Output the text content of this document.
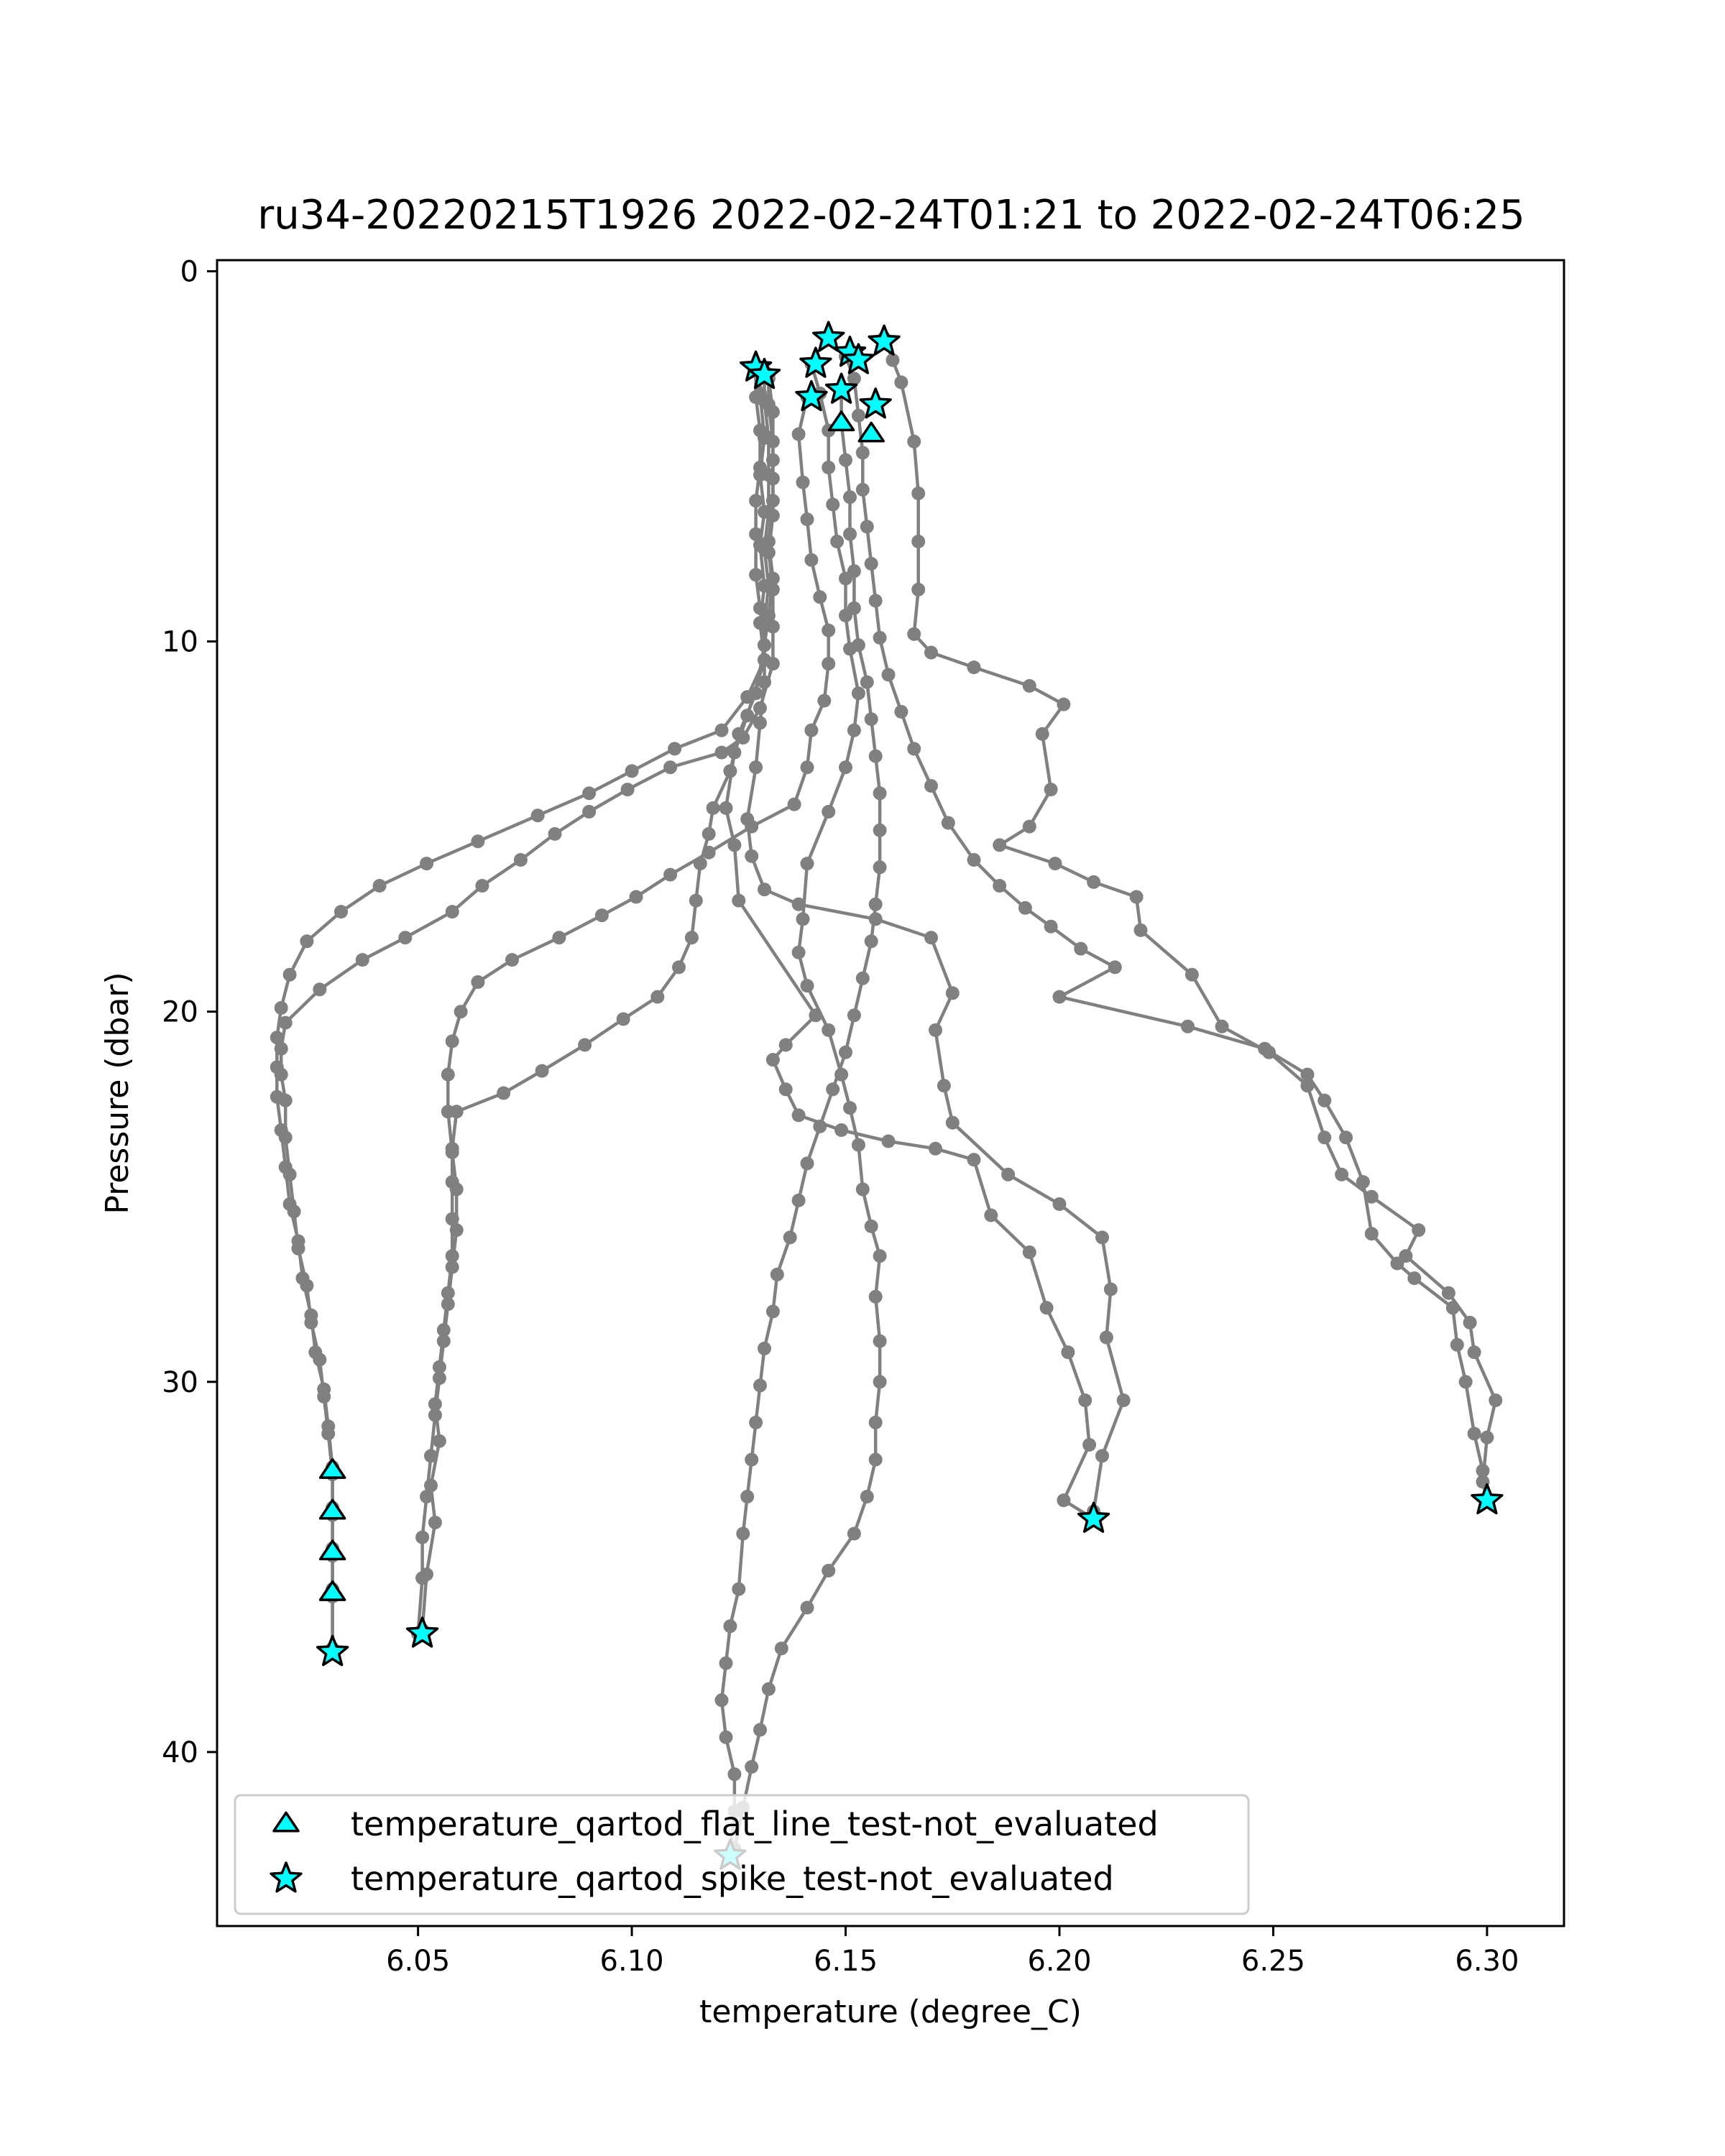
ru34-20220215T1926 2022-02-24T01:21 to 2022-02-24T06:25
6.05	6.10	6.15	6.20	6.25	6.30
0
10
20
30
40
temperature (degree_C)
Pressure (dbar)
temperature_qartod_flat_line_test-not_evaluated
temperature_qartod_spike_test-not_evaluated
